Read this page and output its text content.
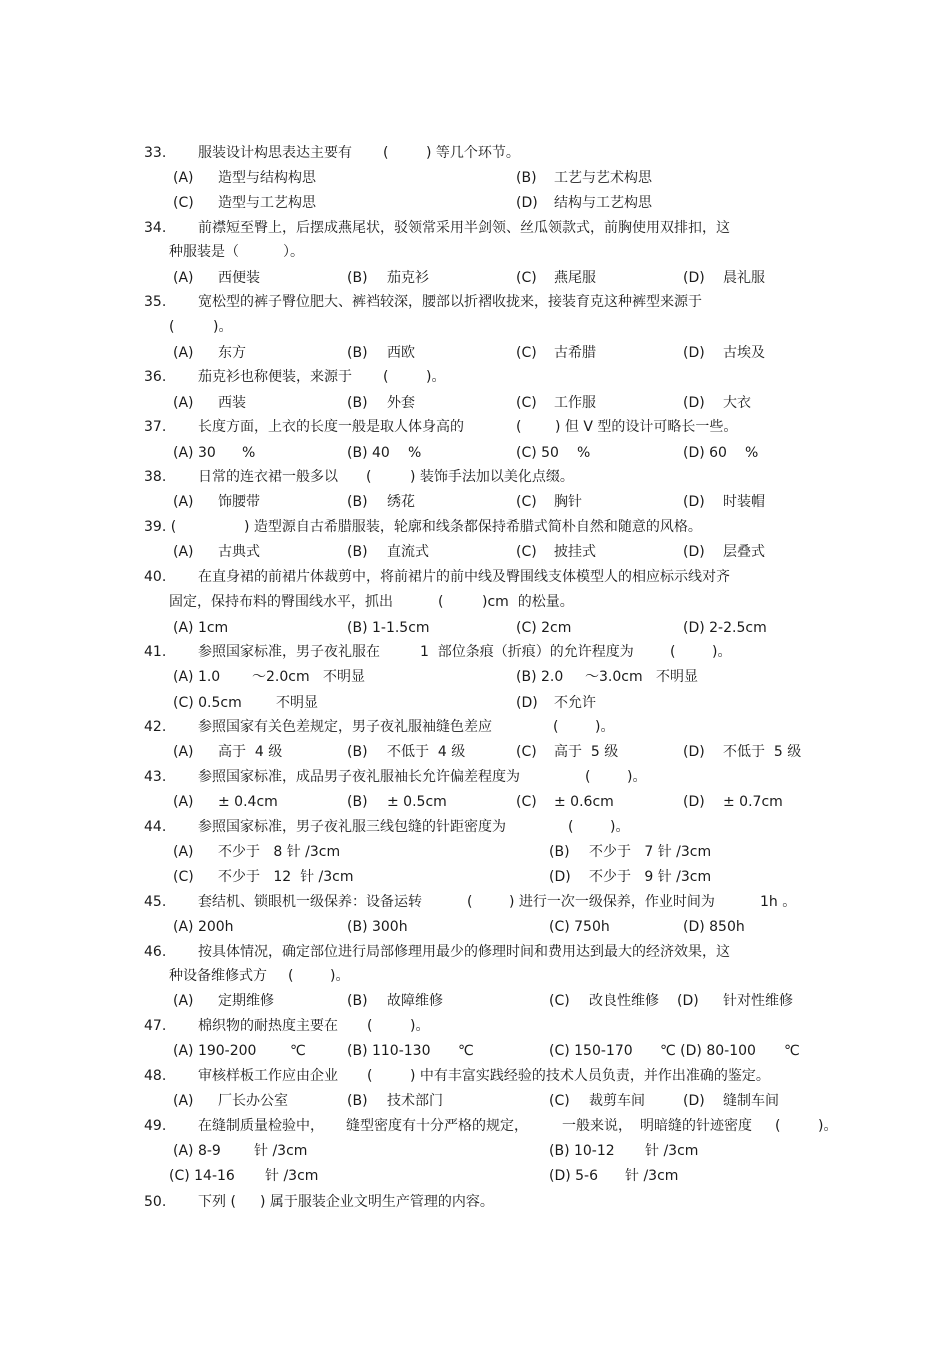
33. 服装设计构思表达主要有 (	) 等几个环节。
(A) 造型与结构构思	(B) 工艺与艺术构思
(C) 造型与工艺构思	(D) 结构与工艺构思
34. 前襟短至臀上，后摆成燕尾状，驳领常采用半剑领、丝瓜领款式，前胸使用双排扣，这
种服装是（	）。
(A) 西便装	(B) 茄克衫	(C) 燕尾服	(D) 晨礼服
35. 宽松型的裤子臀位肥大、裤裆较深，腰部以折褶收拢来，接装育克这种裤型来源于
(	)。
(A) 东方	(B) 西欧	(C) 古希腊	(D) 古埃及
36. 茄克衫也称便装，来源于 (	)。
(A) 西装	(B) 外套	(C) 工作服	(D) 大衣
37. 长度方面，上衣的长度一般是取人体身高的	( ) 但 V 型的设计可略长一些。
(A) 30 %	(B) 40 %	(C) 50 %	(D) 60 %
38. 日常的连衣裙一般多以 (	) 装饰手法加以美化点缀。
(A) 饰腰带	(B) 绣花	(C) 胸针	(D) 时装帽
39. (	) 造型源自古希腊服装，轮廓和线条都保持希腊式简朴自然和随意的风格。
(A) 古典式	(B) 直流式	(C) 披挂式	(D) 层叠式
40. 在直身裙的前裙片体裁剪中，将前裙片的前中线及臀围线支体模型人的相应标示线对齐
固定，保持布料的臀围线水平，抓出	(	)cm  的松量。
(A) 1cm	(B) 1-1.5cm	(C) 2cm	(D) 2-2.5cm
41. 参照国家标准，男子夜礼服在	1  部位条痕（折痕）的允许程度为	(	)。
(A) 1.0 ～2.0cm   不明显	(B) 2.0 ～3.0cm   不明显
(C) 0.5cm 不明显	(D) 不允许
42. 参照国家有关色差规定，男子夜礼服袖缝色差应	(	)。
(A) 高于  4 级	(B) 不低于  4 级	(C) 高于  5 级	(D) 不低于  5 级
43. 参照国家标准，成品男子夜礼服袖长允许偏差程度为	(	)。
(A) ± 0.4cm	(B) ± 0.5cm	(C) ± 0.6cm	(D) ± 0.7cm
44. 参照国家标准，男子夜礼服三线包缝的针距密度为	(	)。
(A) 不少于   8 针 /3cm	(B) 不少于   7 针 /3cm
(C) 不少于   12  针 /3cm	(D) 不少于   9 针 /3cm
45. 套结机、锁眼机一级保养：设备运转	(	) 进行一次一级保养，作业时间为	1h 。
(A) 200h	(B) 300h	(C) 750h	(D) 850h
46. 按具体情况，确定部位进行局部修理用最少的修理时间和费用达到最大的经济效果，这
种设备维修式方 (	)。
(A) 定期维修	(B) 故障维修	(C) 改良性维修 (D) 针对性维修
47. 棉织物的耐热度主要在 (	)。
(A) 190-200 ℃	(B) 110-130 ℃	(C) 150-170 ℃ (D) 80-100 ℃
48. 审核样板工作应由企业 (	) 中有丰富实践经验的技术人员负责，并作出准确的鉴定。
(A) 厂长办公室	(B) 技术部门	(C) 裁剪车间	(D) 缝制车间
49. 在缝制质量检验中， 缝型密度有十分严格的规定， 一般来说， 明暗缝的针迹密度 (	)。
(A) 8-9 针 /3cm	(B) 10-12 针 /3cm
(C) 14-16 针 /3cm	(D) 5-6 针 /3cm
50. 下列 ( ) 属于服装企业文明生产管理的内容。
